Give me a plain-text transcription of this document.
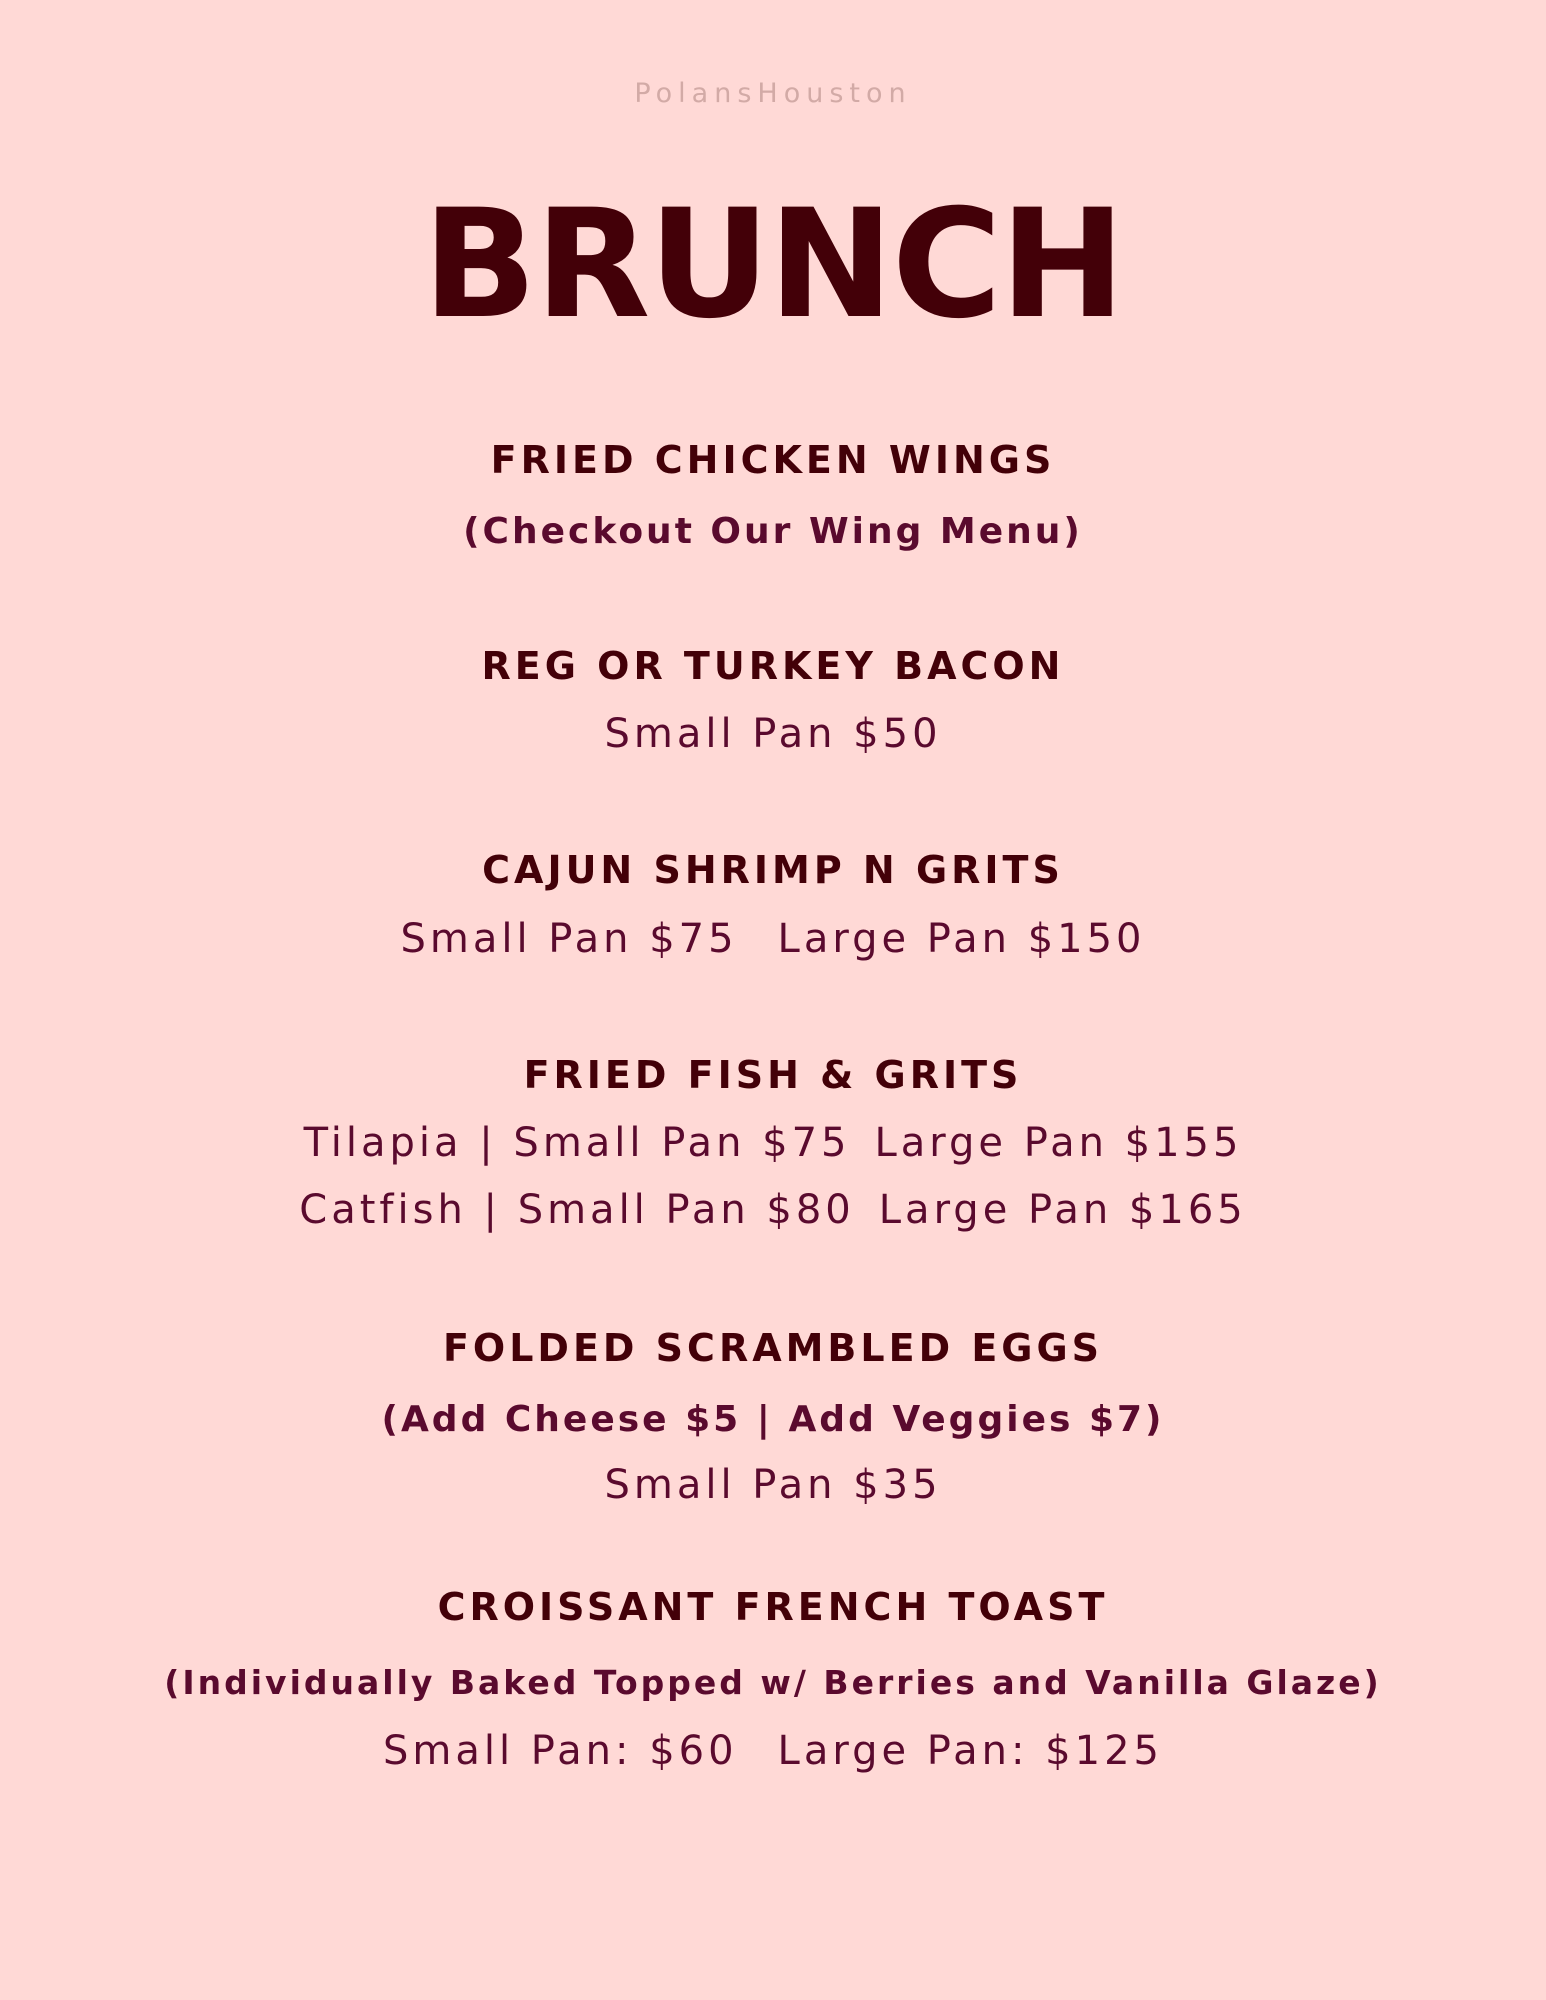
PolansHouston
BRUNCH
FRIED CHICKEN WINGS
(Checkout Our Wing Menu)
REG OR TURKEY BACON
Small Pan $50
CAJUN SHRIMP N GRITS
Small Pan $75 Large Pan $150
FRIED FISH & GRITS
Tilapia | Small Pan $75 Large Pan $155
Catfish | Small Pan $80 Large Pan $165
FOLDED SCRAMBLED EGGS
(Add Cheese $5 | Add Veggies $7)
Small Pan $35
CROISSANT FRENCH TOAST
(Individually Baked Topped w/ Berries and Vanilla Glaze)
Small Pan: $60 Large Pan: $125
